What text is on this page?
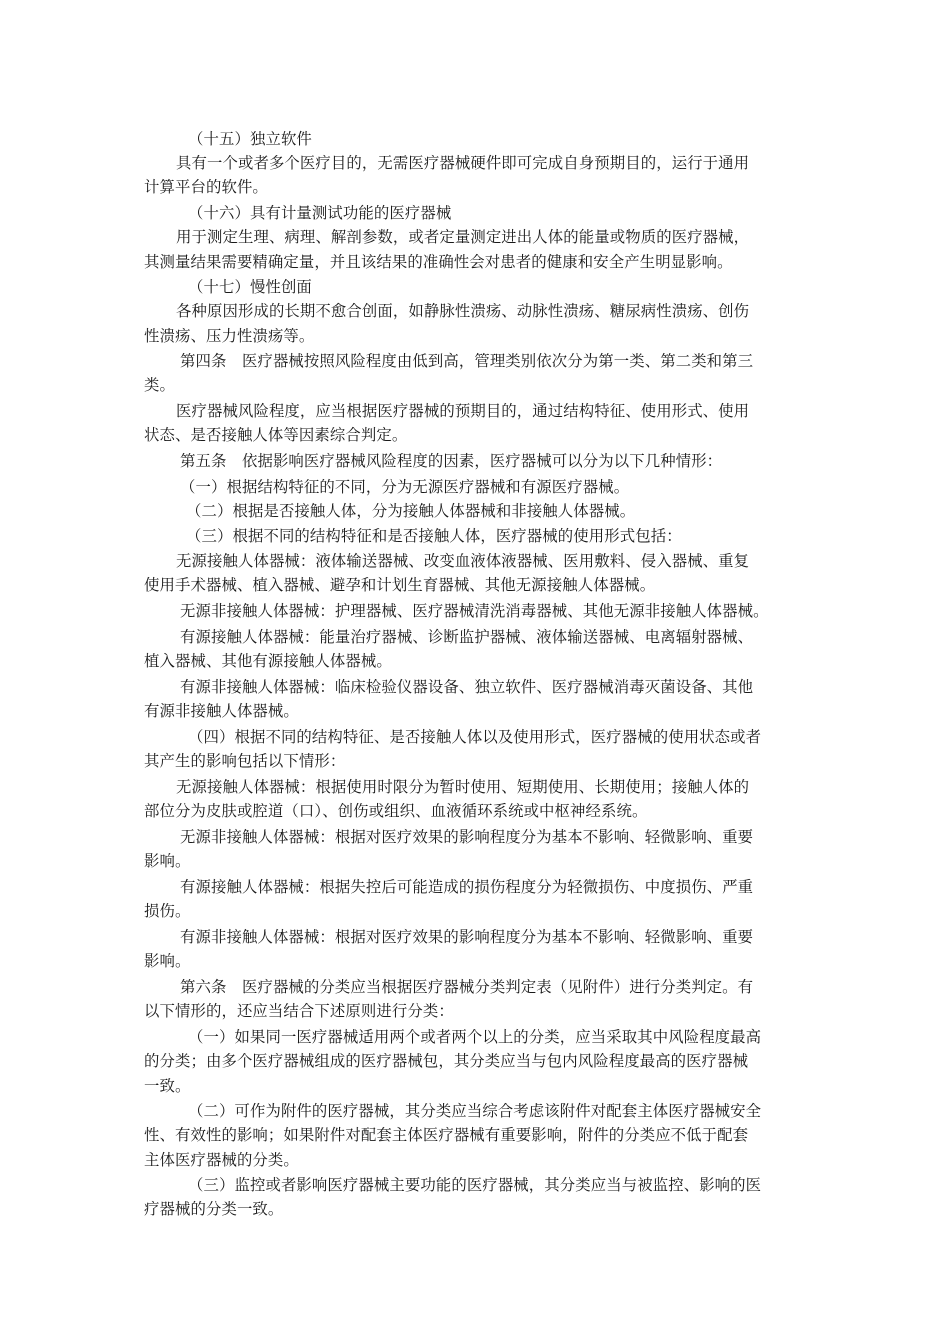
（十五）独立软件
具有一个或者多个医疗目的，无需医疗器械硬件即可完成自身预期目的，运行于通用
计算平台的软件。
（十六）具有计量测试功能的医疗器械
用于测定生理、病理、解剖参数，或者定量测定进出人体的能量或物质的医疗器械，
其测量结果需要精确定量，并且该结果的准确性会对患者的健康和安全产生明显影响。
（十七）慢性创面
各种原因形成的长期不愈合创面，如静脉性溃疡、动脉性溃疡、糖尿病性溃疡、创伤
性溃疡、压力性溃疡等。
第四条　医疗器械按照风险程度由低到高，管理类别依次分为第一类、第二类和第三
类。
医疗器械风险程度，应当根据医疗器械的预期目的，通过结构特征、使用形式、使用
状态、是否接触人体等因素综合判定。
第五条　依据影响医疗器械风险程度的因素，医疗器械可以分为以下几种情形：
（一）根据结构特征的不同，分为无源医疗器械和有源医疗器械。
（二）根据是否接触人体，分为接触人体器械和非接触人体器械。
（三）根据不同的结构特征和是否接触人体，医疗器械的使用形式包括：
无源接触人体器械：液体输送器械、改变血液体液器械、医用敷料、侵入器械、重复
使用手术器械、植入器械、避孕和计划生育器械、其他无源接触人体器械。
无源非接触人体器械：护理器械、医疗器械清洗消毒器械、其他无源非接触人体器械。
有源接触人体器械：能量治疗器械、诊断监护器械、液体输送器械、电离辐射器械、
植入器械、其他有源接触人体器械。
有源非接触人体器械：临床检验仪器设备、独立软件、医疗器械消毒灭菌设备、其他
有源非接触人体器械。
（四）根据不同的结构特征、是否接触人体以及使用形式，医疗器械的使用状态或者
其产生的影响包括以下情形：
无源接触人体器械：根据使用时限分为暂时使用、短期使用、长期使用；接触人体的
部位分为皮肤或腔道（口）、创伤或组织、血液循环系统或中枢神经系统。
无源非接触人体器械：根据对医疗效果的影响程度分为基本不影响、轻微影响、重要
影响。
有源接触人体器械：根据失控后可能造成的损伤程度分为轻微损伤、中度损伤、严重
损伤。
有源非接触人体器械：根据对医疗效果的影响程度分为基本不影响、轻微影响、重要
影响。
第六条　医疗器械的分类应当根据医疗器械分类判定表（见附件）进行分类判定。有
以下情形的，还应当结合下述原则进行分类：
（一）如果同一医疗器械适用两个或者两个以上的分类，应当采取其中风险程度最高
的分类；由多个医疗器械组成的医疗器械包，其分类应当与包内风险程度最高的医疗器械
一致。
（二）可作为附件的医疗器械，其分类应当综合考虑该附件对配套主体医疗器械安全
性、有效性的影响；如果附件对配套主体医疗器械有重要影响，附件的分类应不低于配套
主体医疗器械的分类。
（三）监控或者影响医疗器械主要功能的医疗器械，其分类应当与被监控、影响的医
疗器械的分类一致。
